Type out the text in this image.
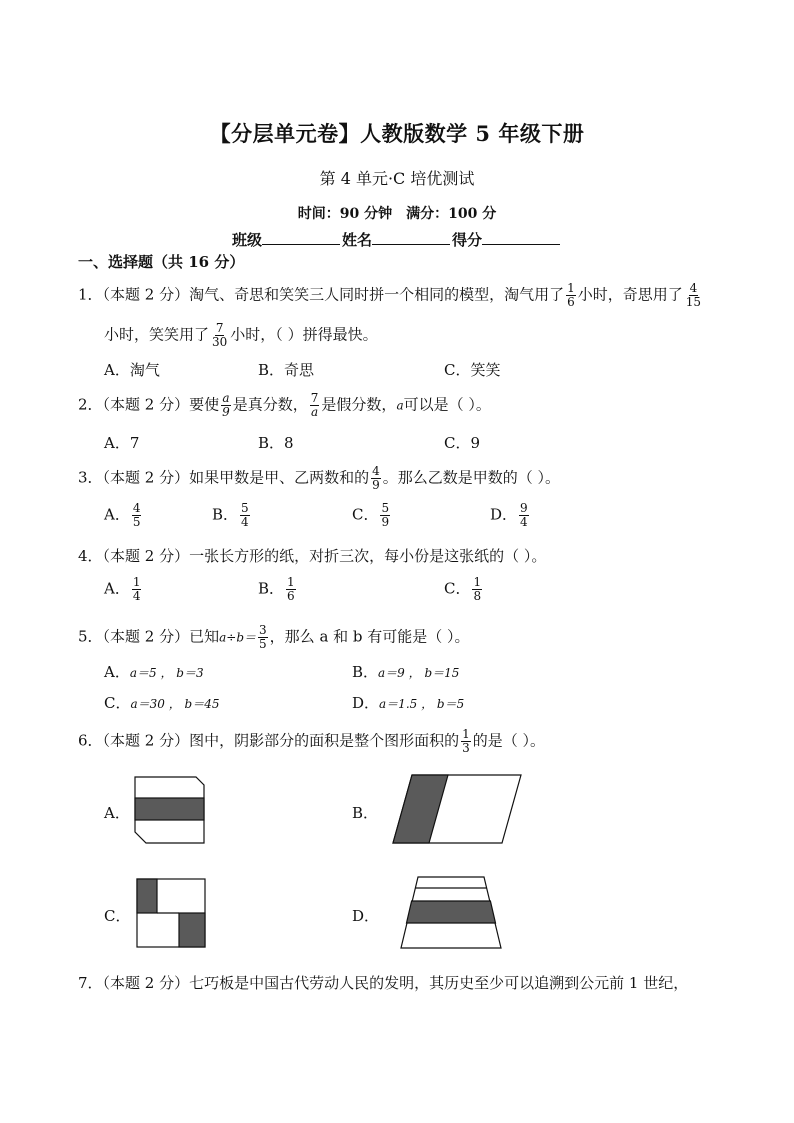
【分层单元卷】人教版数学 5 年级下册
第 4 单元·C 培优测试
时间：90 分钟 满分：100 分
班级	姓名	得分
一、选择题（共 16 分）
1．（本题 2 分）淘气、奇思和笑笑三人同时拼一个相同的模型，淘气用了 $\frac{1}{6}$ 小时，奇思用了 $\frac{4}{15}$
小时，笑笑用了 $\frac{7}{30}$ 小时，（ ）拼得最快。
A．淘气	B．奇思	C．笑笑
2．（本题 2 分）要使 $\frac{a}{9}$ 是真分数， $\frac{7}{a}$ 是假分数，a可以是（ ）。
A．7	B．8	C．9
3．（本题 2 分）如果甲数是甲、乙两数和的 $\frac{4}{9}$ 。那么乙数是甲数的（ ）。
A． $\frac{4}{5}$	B． $\frac{5}{4}$	C． $\frac{5}{9}$	D． $\frac{9}{4}$
4．（本题 2 分）一张长方形的纸，对折三次，每小份是这张纸的（ ）。
A． $\frac{1}{4}$	B． $\frac{1}{6}$	C． $\frac{1}{8}$
5．（本题 2 分）已知$a\div b= \frac{3}{5}$ ，那么 a 和 b 有可能是（ ）。
A．a＝5 ， b＝3	B．a＝9 ， b＝15
C．a＝30 ， b＝45	D．a＝1.5 ， b＝5
6．（本题 2 分）图中，阴影部分的面积是整个图形面积的 $\frac{1}{3}$ 的是（ ）。
A．	B．
C．	D．
7．（本题 2 分）七巧板是中国古代劳动人民的发明，其历史至少可以追溯到公元前 1 世纪，
